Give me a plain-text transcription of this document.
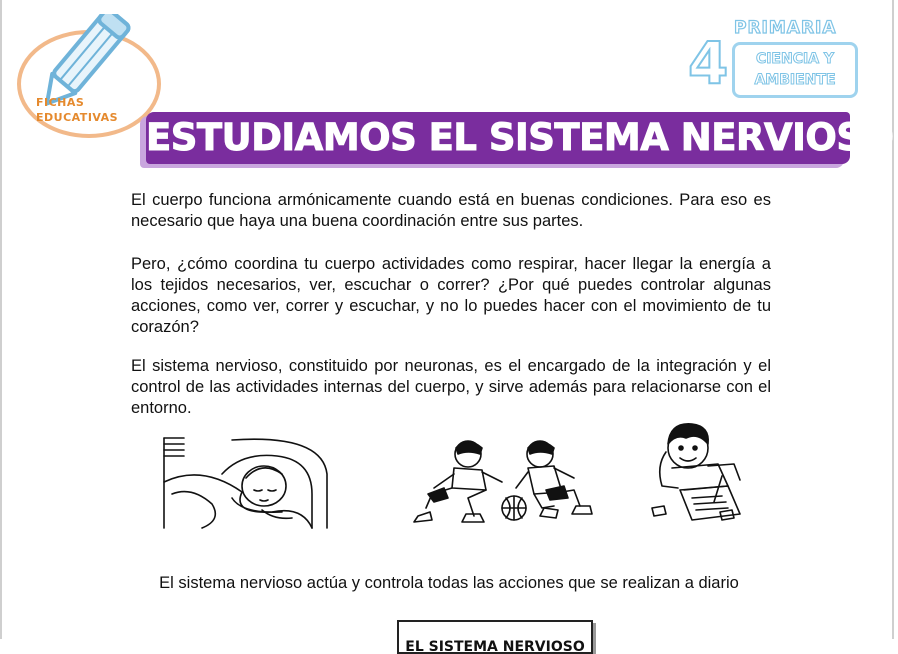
FICHAS
EDUCATIVAS
PRIMARIA
CIENCIA Y
AMBIENTE
4
ESTUDIAMOS EL SISTEMA NERVIOSO
El cuerpo funciona armónicamente cuando está en buenas condiciones. Para eso es necesario que haya una buena coordinación entre sus partes.
Pero, ¿cómo coordina tu cuerpo actividades como respirar, hacer llegar la energía a los tejidos necesarios, ver, escuchar o correr? ¿Por qué puedes controlar algunas acciones, como ver, correr y escuchar, y no lo puedes hacer con el movimiento de tu corazón?
El sistema nervioso, constituido por neuronas, es el encargado de la integración y el control de las actividades internas del cuerpo, y sirve además para relacionarse con el entorno.
El sistema nervioso actúa y controla todas las acciones que se realizan a diario
EL SISTEMA NERVIOSO
